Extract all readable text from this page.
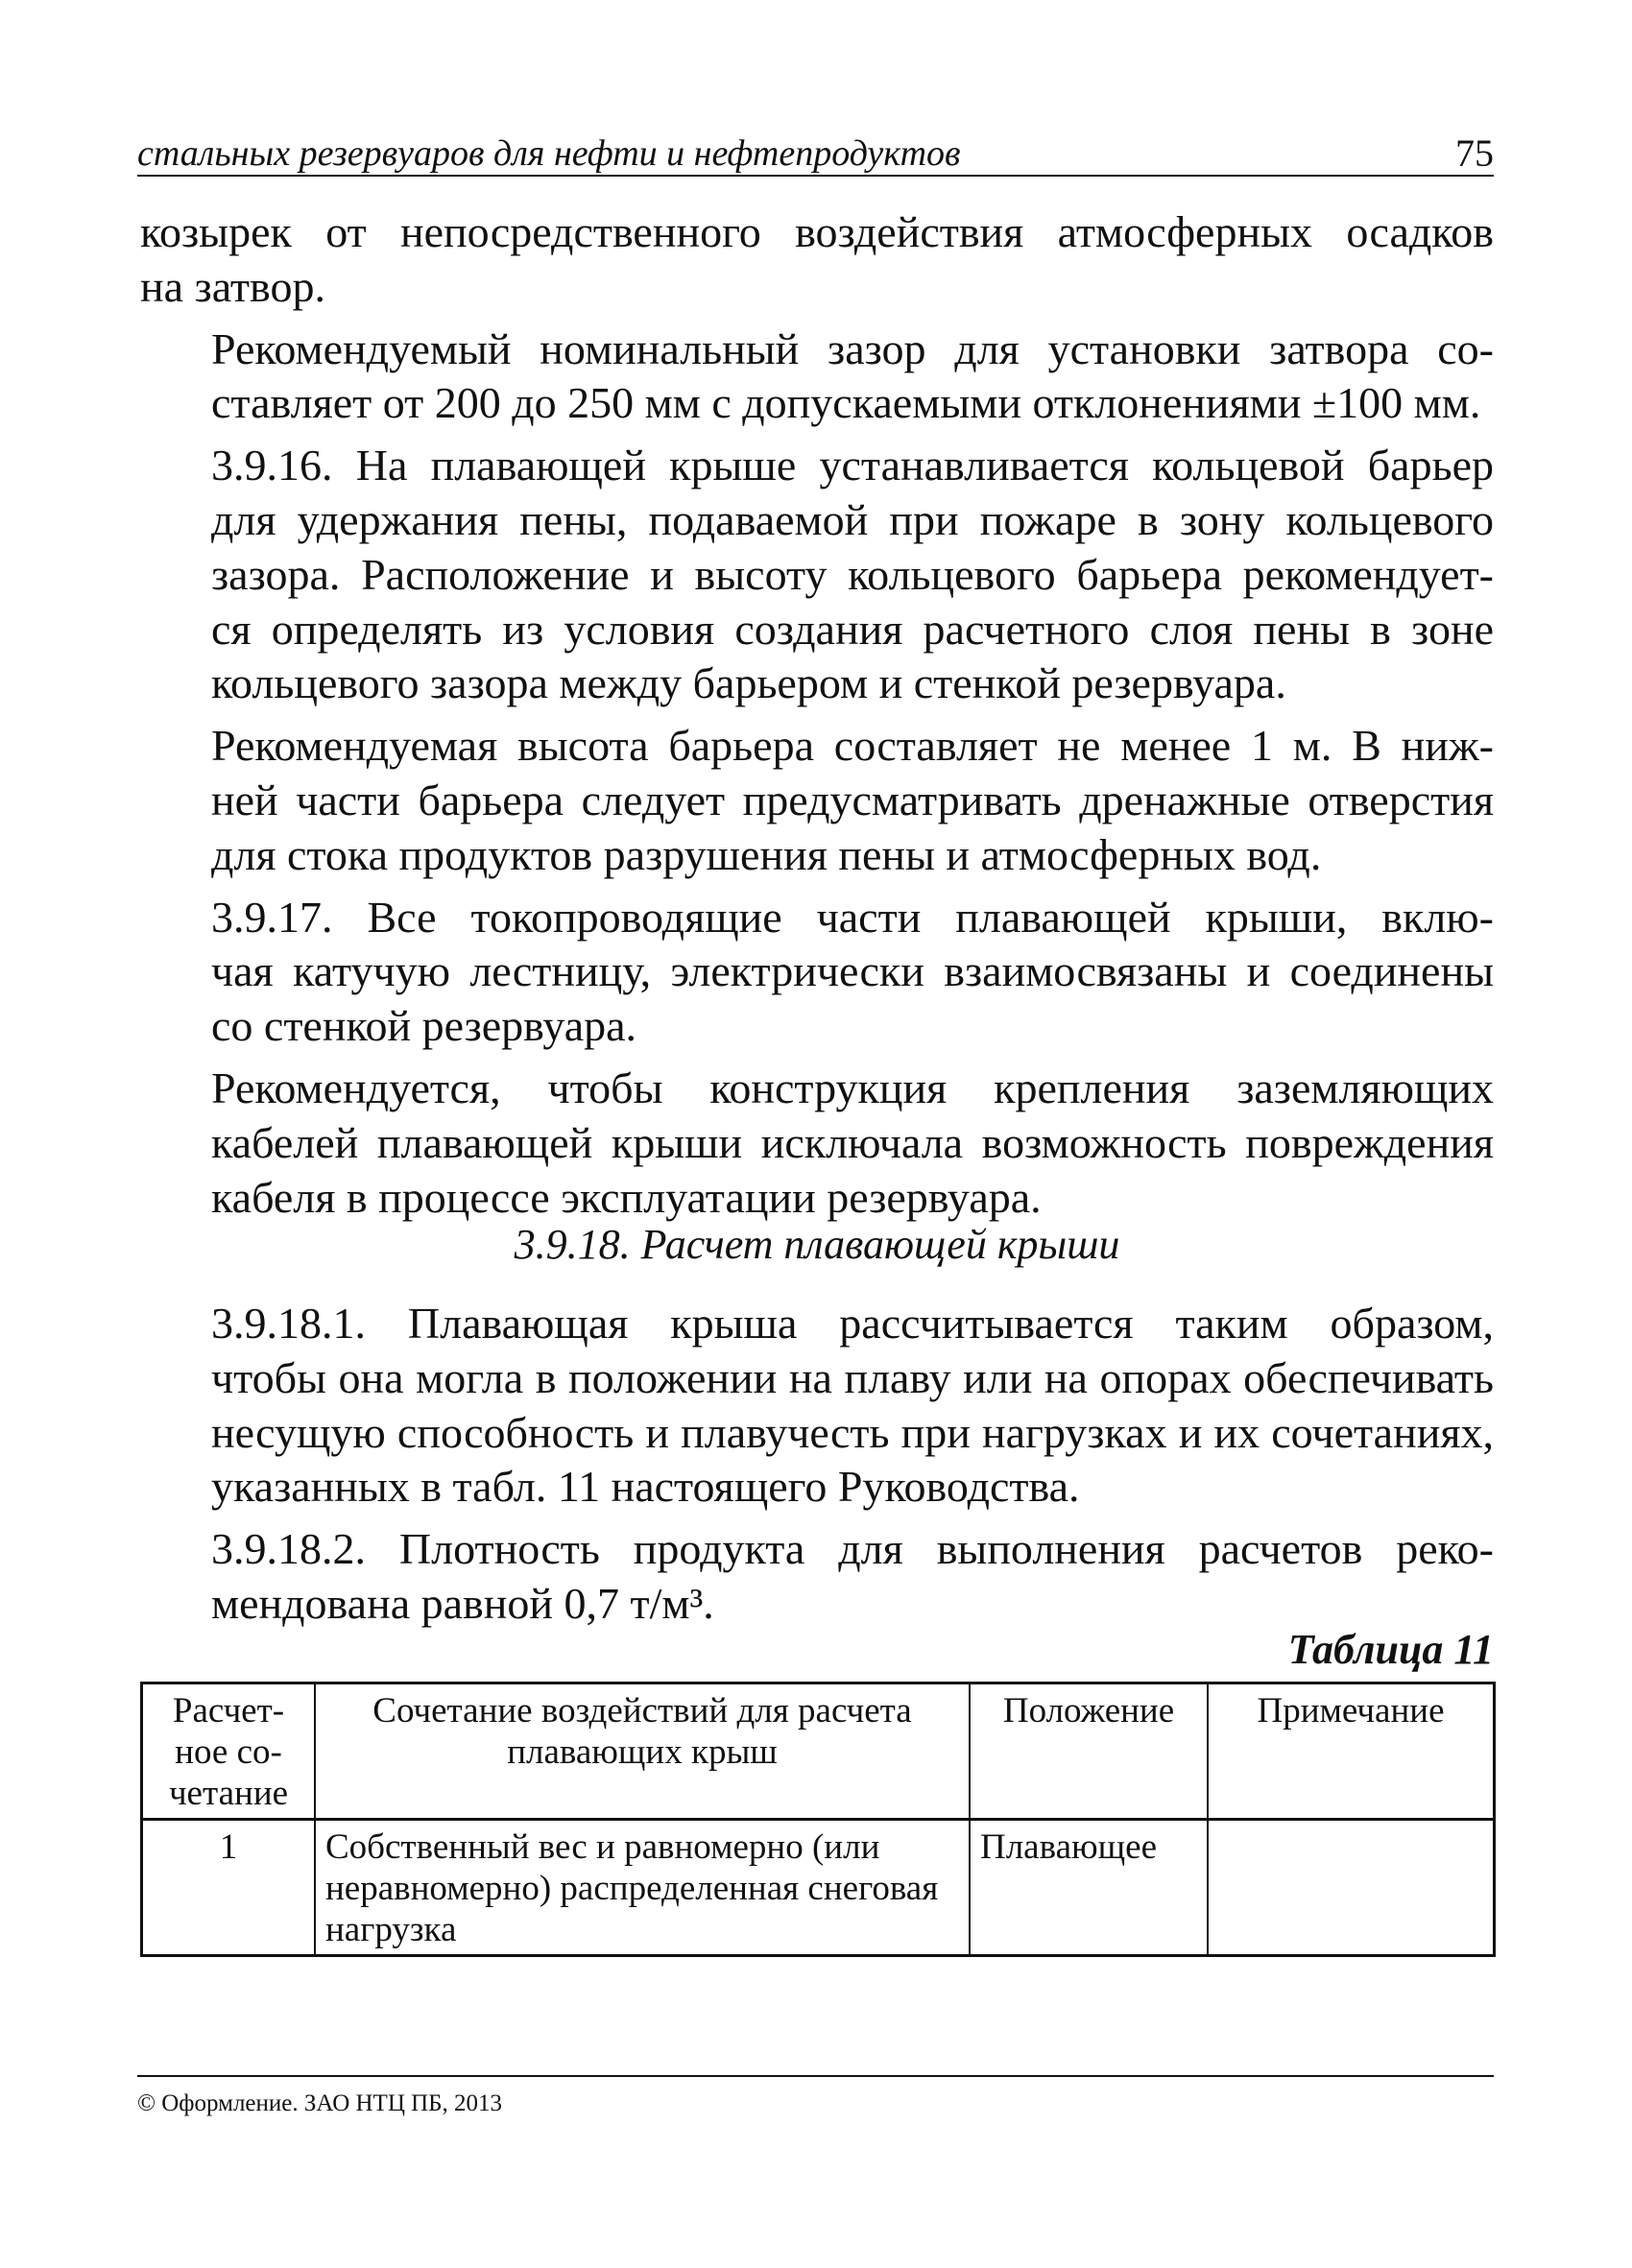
стальных резервуаров для нефти и нефтепродуктов	75

козырек от непосредственного воздействия атмосферных осадков
на затвор.

Рекомендуемый номинальный зазор для установки затвора со-
ставляет от 200 до 250 мм с допускаемыми отклонениями ±100 мм.

3.9.16. На плавающей крыше устанавливается кольцевой барьер
для удержания пены, подаваемой при пожаре в зону кольцевого
зазора. Расположение и высоту кольцевого барьера рекомендует-
ся определять из условия создания расчетного слоя пены в зоне
кольцевого зазора между барьером и стенкой резервуара.

Рекомендуемая высота барьера составляет не менее 1 м. В ниж-
ней части барьера следует предусматривать дренажные отверстия
для стока продуктов разрушения пены и атмосферных вод.

3.9.17. Все токопроводящие части плавающей крыши, вклю-
чая катучую лестницу, электрически взаимосвязаны и соединены
со стенкой резервуара.

Рекомендуется, чтобы конструкция крепления заземляющих
кабелей плавающей крыши исключала возможность повреждения
кабеля в процессе эксплуатации резервуара.

3.9.18. Расчет плавающей крыши

3.9.18.1. Плавающая крыша рассчитывается таким образом,
чтобы она могла в положении на плаву или на опорах обеспечивать
несущую способность и плавучесть при нагрузках и их сочетаниях,
указанных в табл. 11 настоящего Руководства.

3.9.18.2. Плотность продукта для выполнения расчетов реко-
мендована равной 0,7 т/м³.

Таблица 11
Расчет-ное со-четание	Сочетание воздействий для расчета плавающих крыш	Положение	Примечание
1	Собственный вес и равномерно (или неравномерно) распределенная снеговая нагрузка	Плавающее	
© Оформление. ЗАО НТЦ ПБ, 2013
